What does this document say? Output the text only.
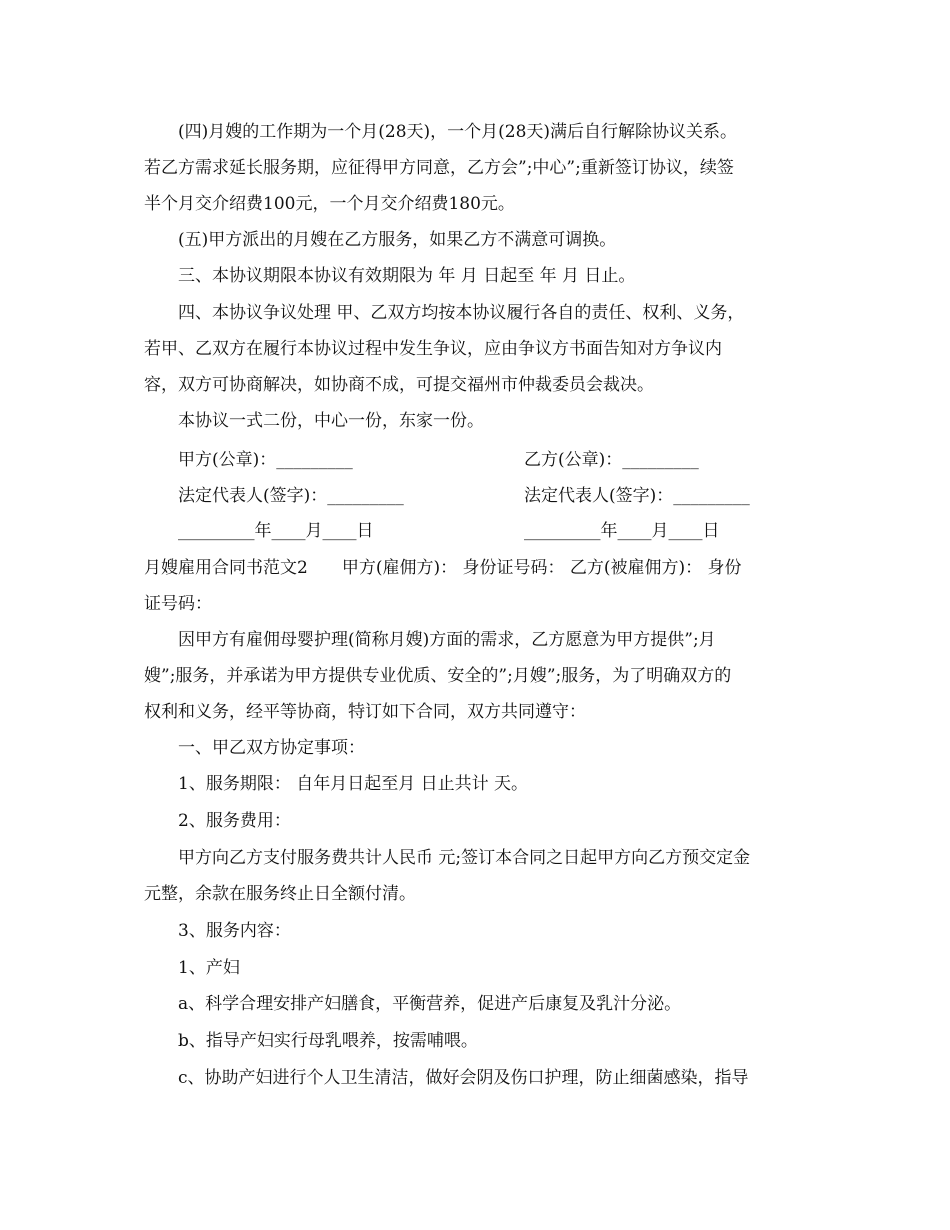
(四)月嫂的工作期为一个月(28天)，一个月(28天)满后自行解除协议关系。
若乙方需求延长服务期，应征得甲方同意，乙方会”;中心”;重新签订协议，续签
半个月交介绍费100元，一个月交介绍费180元。
(五)甲方派出的月嫂在乙方服务，如果乙方不满意可调换。
三、本协议期限本协议有效期限为 年 月 日起至 年 月 日止。
四、本协议争议处理 甲、乙双方均按本协议履行各自的责任、权利、义务，
若甲、乙双方在履行本协议过程中发生争议，应由争议方书面告知对方争议内
容，双方可协商解决，如协商不成，可提交福州市仲裁委员会裁决。
本协议一式二份，中心一份，东家一份。
甲方(公章)：_________	乙方(公章)：_________
法定代表人(签字)：_________	法定代表人(签字)：_________
_________年____月____日	_________年____月____日
月嫂雇用合同书范文2　　甲方(雇佣方)： 身份证号码： 乙方(被雇佣方)： 身份
证号码：
因甲方有雇佣母婴护理(简称月嫂)方面的需求，乙方愿意为甲方提供”;月
嫂”;服务，并承诺为甲方提供专业优质、安全的”;月嫂”;服务，为了明确双方的
权利和义务，经平等协商，特订如下合同，双方共同遵守：
一、甲乙双方协定事项：
1、服务期限： 自年月日起至月 日止共计 天。
2、服务费用：
甲方向乙方支付服务费共计人民币 元;签订本合同之日起甲方向乙方预交定金
元整，余款在服务终止日全额付清。
3、服务内容：
1、产妇
a、科学合理安排产妇膳食，平衡营养，促进产后康复及乳汁分泌。
b、指导产妇实行母乳喂养，按需哺喂。
c、协助产妇进行个人卫生清洁，做好会阴及伤口护理，防止细菌感染，指导
